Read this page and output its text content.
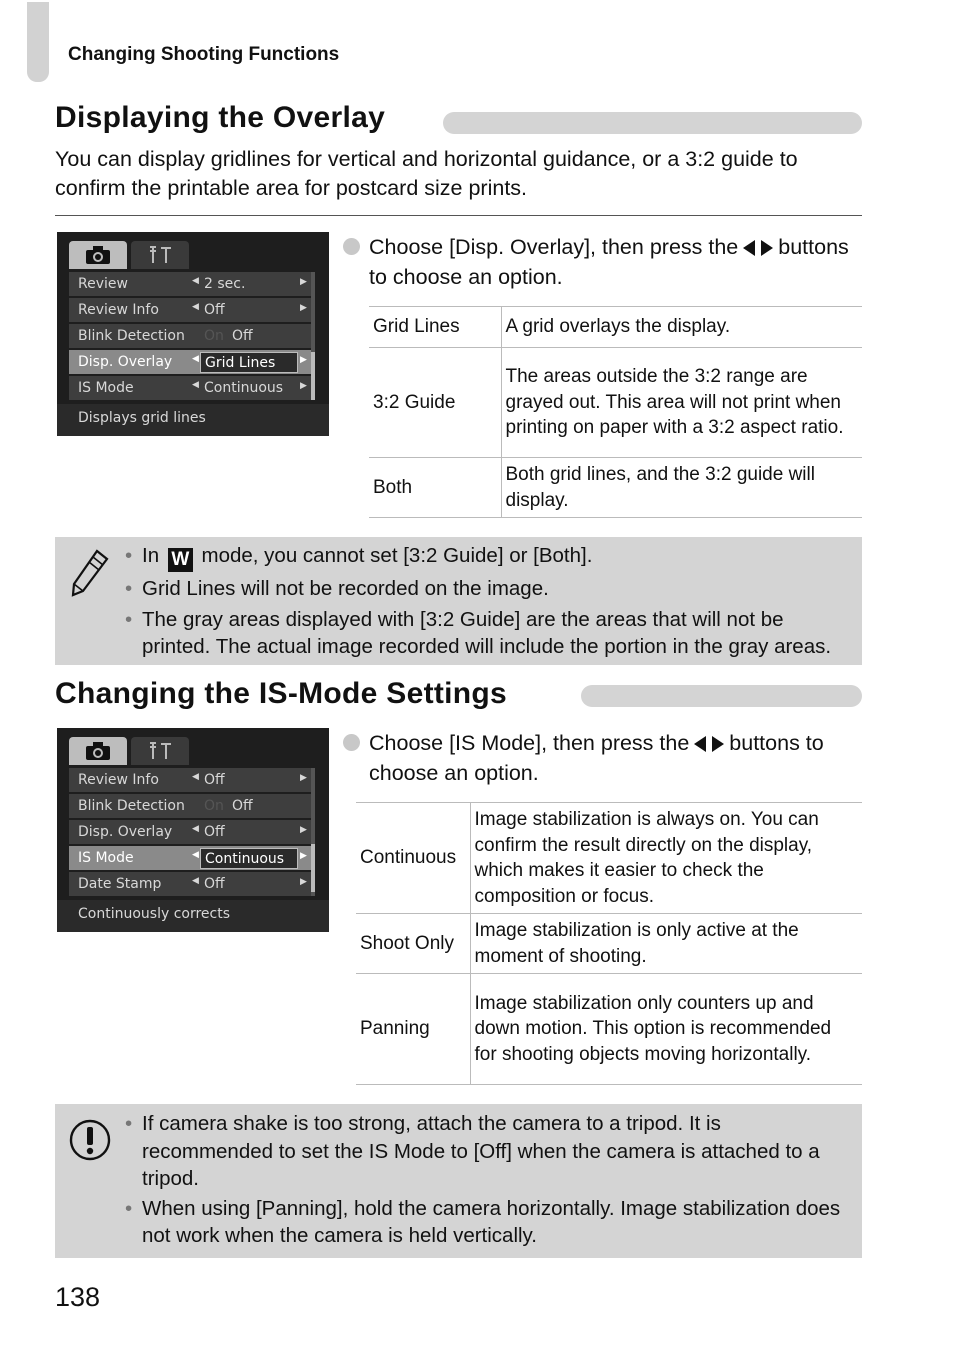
Changing Shooting Functions
Displaying the Overlay
You can display gridlines for vertical and horizontal guidance, or a 3:2 guide to confirm the printable area for postcard size prints.
Review	◀ 2 sec.	▶
Review Info	◀ Off	▶
Blink Detection On Off
Disp. Overlay ◀ Grid Lines	▶
IS Mode	◀ Continuous ▶
Displays grid lines
Choose [Disp. Overlay], then press the buttons to choose an option.
Grid Lines	A grid overlays the display.
3:2 Guide	The areas outside the 3:2 range are grayed out. This area will not print when printing on paper with a 3:2 aspect ratio.
Both	Both grid lines, and the 3:2 guide will display.
• In W mode, you cannot set [3:2 Guide] or [Both].
• Grid Lines will not be recorded on the image.
• The gray areas displayed with [3:2 Guide] are the areas that will not be printed. The actual image recorded will include the portion in the gray areas.
Changing the IS-Mode Settings
Review Info	◀ Off	▶
Blink Detection On Off
Disp. Overlay ◀ Off	▶
IS Mode	◀ Continuous ▶
Date Stamp	◀ Off	▶
Continuously corrects
Choose [IS Mode], then press the buttons to choose an option.
Continuous	Image stabilization is always on. You can confirm the result directly on the display, which makes it easier to check the composition or focus.
Shoot Only	Image stabilization is only active at the moment of shooting.
Panning	Image stabilization only counters up and down motion. This option is recommended for shooting objects moving horizontally.
• If camera shake is too strong, attach the camera to a tripod. It is recommended to set the IS Mode to [Off] when the camera is attached to a tripod.
• When using [Panning], hold the camera horizontally. Image stabilization does not work when the camera is held vertically.
138
